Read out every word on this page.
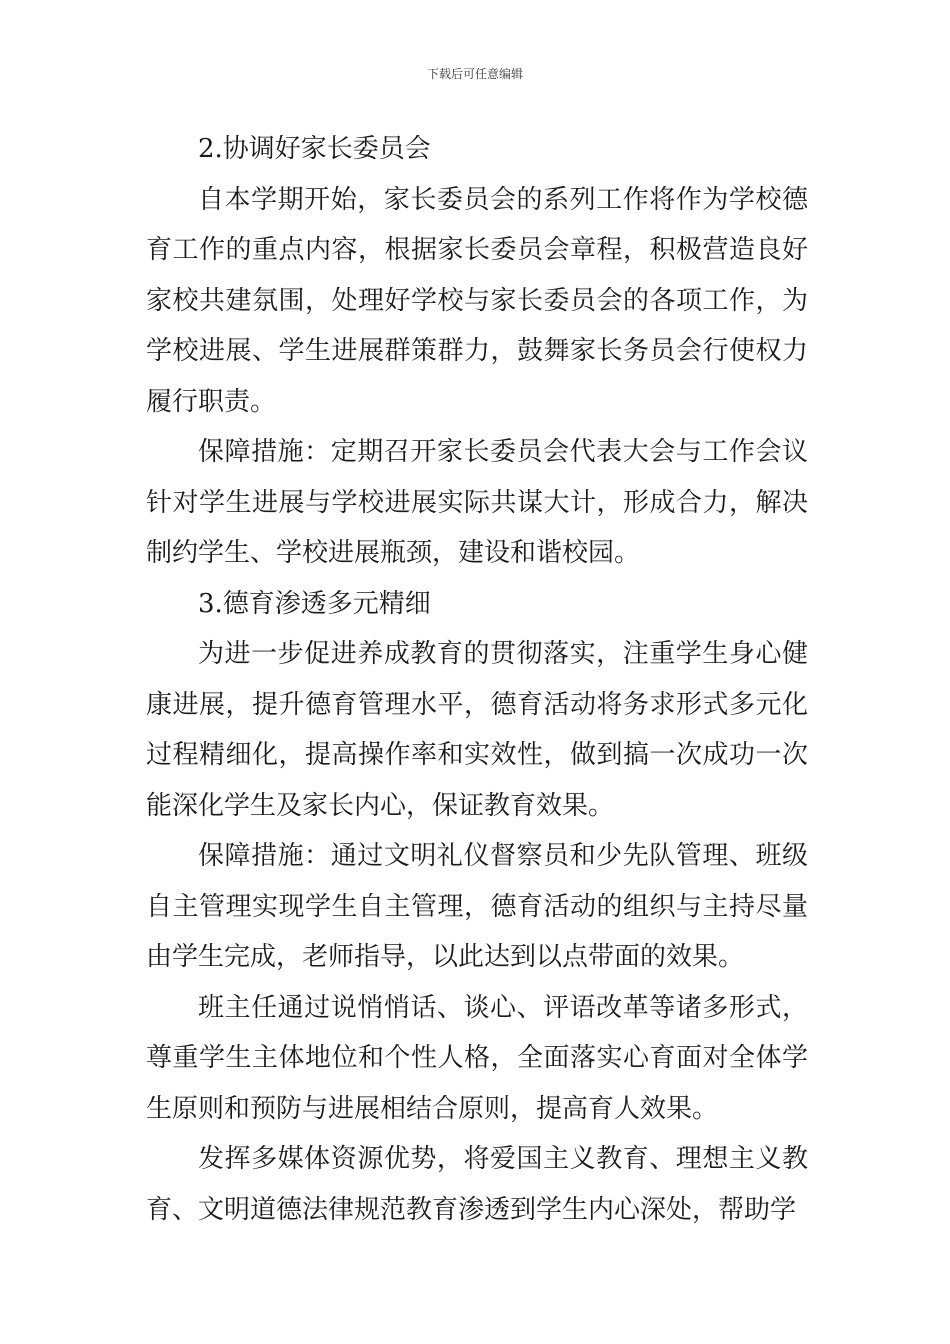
下载后可任意编辑

2.协调好家长委员会

自本学期开始，家长委员会的系列工作将作为学校德育工作的重点内容，根据家长委员会章程，积极营造良好家校共建氛围，处理好学校与家长委员会的各项工作，为学校进展、学生进展群策群力，鼓舞家长务员会行使权力履行职责。

保障措施：定期召开家长委员会代表大会与工作会议针对学生进展与学校进展实际共谋大计，形成合力，解决制约学生、学校进展瓶颈，建设和谐校园。

3.德育渗透多元精细

为进一步促进养成教育的贯彻落实，注重学生身心健康进展，提升德育管理水平，德育活动将务求形式多元化过程精细化，提高操作率和实效性，做到搞一次成功一次能深化学生及家长内心，保证教育效果。

保障措施：通过文明礼仪督察员和少先队管理、班级自主管理实现学生自主管理，德育活动的组织与主持尽量由学生完成，老师指导，以此达到以点带面的效果。

班主任通过说悄悄话、谈心、评语改革等诸多形式，尊重学生主体地位和个性人格，全面落实心育面对全体学生原则和预防与进展相结合原则，提高育人效果。

发挥多媒体资源优势，将爱国主义教育、理想主义教育、文明道德法律规范教育渗透到学生内心深处，帮助学
